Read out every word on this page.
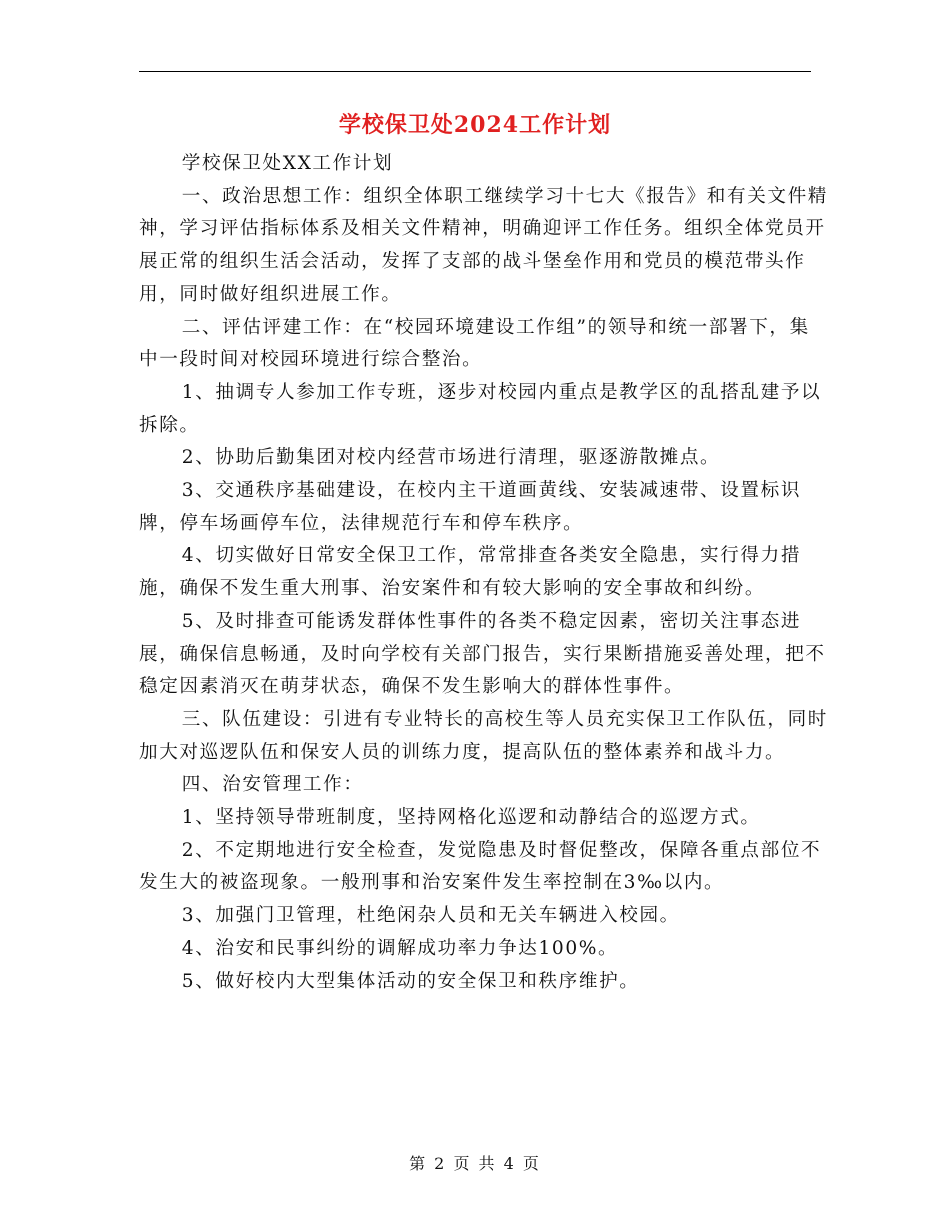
学校保卫处2024工作计划

学校保卫处XX工作计划

一、政治思想工作：组织全体职工继续学习十七大《报告》和有关文件精神，学习评估指标体系及相关文件精神，明确迎评工作任务。组织全体党员开展正常的组织生活会活动，发挥了支部的战斗堡垒作用和党员的模范带头作用，同时做好组织进展工作。

二、评估评建工作：在“校园环境建设工作组”的领导和统一部署下，集中一段时间对校园环境进行综合整治。

1、抽调专人参加工作专班，逐步对校园内重点是教学区的乱搭乱建予以拆除。

2、协助后勤集团对校内经营市场进行清理，驱逐游散摊点。

3、交通秩序基础建设，在校内主干道画黄线、安装减速带、设置标识牌，停车场画停车位，法律规范行车和停车秩序。

4、切实做好日常安全保卫工作，常常排查各类安全隐患，实行得力措施，确保不发生重大刑事、治安案件和有较大影响的安全事故和纠纷。

5、及时排查可能诱发群体性事件的各类不稳定因素，密切关注事态进展，确保信息畅通，及时向学校有关部门报告，实行果断措施妥善处理，把不稳定因素消灭在萌芽状态，确保不发生影响大的群体性事件。

三、队伍建设：引进有专业特长的高校生等人员充实保卫工作队伍，同时加大对巡逻队伍和保安人员的训练力度，提高队伍的整体素养和战斗力。

四、治安管理工作：

1、坚持领导带班制度，坚持网格化巡逻和动静结合的巡逻方式。

2、不定期地进行安全检查，发觉隐患及时督促整改，保障各重点部位不发生大的被盗现象。一般刑事和治安案件发生率控制在3‰以内。

3、加强门卫管理，杜绝闲杂人员和无关车辆进入校园。

4、治安和民事纠纷的调解成功率力争达100%。

5、做好校内大型集体活动的安全保卫和秩序维护。

第 2 页 共 4 页
